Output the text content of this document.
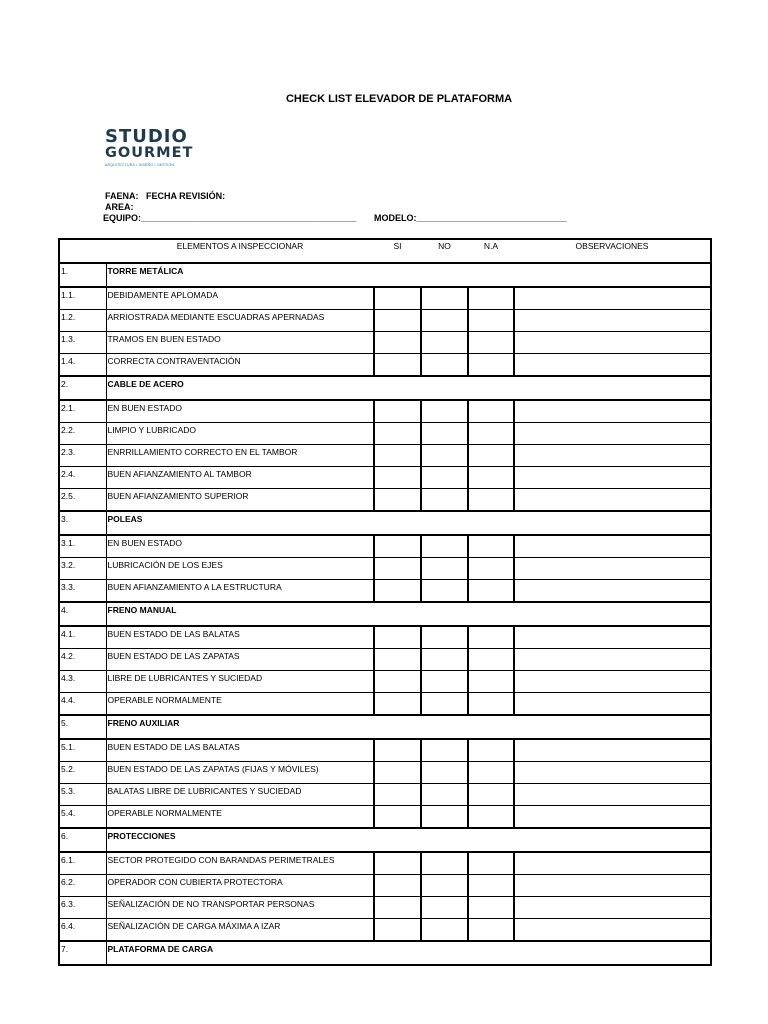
CHECK LIST ELEVADOR DE PLATAFORMA
STUDIO
GOURMET
ARQUITECTURA • DISEÑO • GESTIÓN
FAENA: FECHA REVISIÓN:
AREA:
EQUIPO:___________________________________________ MODELO:______________________________
	ELEMENTOS A INSPECCIONAR	SI	NO	N.A	OBSERVACIONES
1.	TORRE METÁLICA				
1.1.	DEBIDAMENTE APLOMADA				
1.2.	ARRIOSTRADA MEDIANTE ESCUADRAS APERNADAS				
1.3.	TRAMOS EN BUEN ESTADO				
1.4.	CORRECTA CONTRAVENTACIÓN				
2.	CABLE DE ACERO				
2.1.	EN BUEN ESTADO				
2.2.	LIMPIO Y LUBRICADO				
2.3.	ENRRILLAMIENTO CORRECTO EN EL TAMBOR				
2.4.	BUEN AFIANZAMIENTO AL TAMBOR				
2.5.	BUEN AFIANZAMIENTO SUPERIOR				
3.	POLEAS				
3.1.	EN BUEN ESTADO				
3.2.	LUBRICACIÓN DE LOS EJES				
3.3.	BUEN AFIANZAMIENTO A LA ESTRUCTURA				
4.	FRENO MANUAL				
4.1.	BUEN ESTADO DE LAS BALATAS				
4.2.	BUEN ESTADO DE LAS ZAPATAS				
4.3.	LIBRE DE LUBRICANTES Y SUCIEDAD				
4.4.	OPERABLE NORMALMENTE				
5.	FRENO AUXILIAR				
5.1.	BUEN ESTADO DE LAS BALATAS				
5.2.	BUEN ESTADO DE LAS ZAPATAS (FIJAS Y MÓVILES)				
5.3.	BALATAS LIBRE DE LUBRICANTES Y SUCIEDAD				
5.4.	OPERABLE NORMALMENTE				
6.	PROTECCIONES				
6.1.	SECTOR PROTEGIDO CON BARANDAS PERIMETRALES				
6.2.	OPERADOR CON CUBIERTA PROTECTORA				
6.3.	SEÑALIZACIÓN DE NO TRANSPORTAR PERSONAS				
6.4.	SEÑALIZACIÓN DE CARGA MÁXIMA A IZAR				
7.	PLATAFORMA DE CARGA				
